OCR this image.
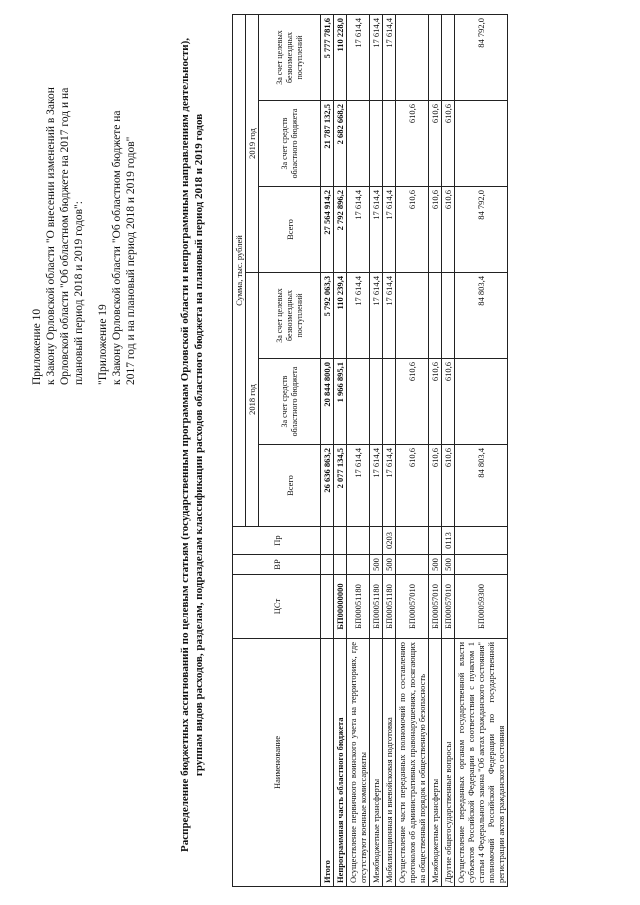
Приложение 10 к Закону Орловской области "О внесении изменений в Закон Орловской области "Об областном бюджете на 2017 год и на плановый период 2018 и 2019 годов": "Приложение 19 к Закону Орловской области "Об областном бюджете на 2017 год и на плановый период 2018 и 2019 годов"	Распределение бюджетных ассигнований по целевым статьям (государственным программам Орловской области и непрограммным направлениям деятельности), группам видов расходов, разделам, подразделам классификации расходов областного бюджета на плановый период 2018 и 2019 годов	Наименование	ЦСт	ВР	Пр	Сумма, тыс. рублей					
				2018 год			2019 год		
				Всего	За счет средств областного бюджета	За счет целевых безвозмездных поступлений	Всего	За счет средств областного бюджета	За счет целевых безвозмездных поступлений
Итого				26 636 863,2	20 844 800,0	5 792 063,3	27 564 914,2	21 787 132,5	5 777 781,6
Непрограммная часть областного бюджета	БП00000000			2 077 134,5	1 966 895,1	110 239,4	2 792 896,2	2 682 668,2	110 228,0
Осуществление первичного воинского учета на территориях, где отсутствуют военные комиссариаты	БП00051180			17 614,4		17 614,4	17 614,4		17 614,4
Межбюджетные трансферты	БП00051180	500		17 614,4		17 614,4	17 614,4		17 614,4
Мобилизационная и вневойсковая подготовка	БП00051180	500	0203	17 614,4		17 614,4	17 614,4		17 614,4
Осуществление части переданных полномочий по составлению протоколов об административных правонарушениях, посягающих на общественный порядок и общественную безопасность	БП00057010			610,6	610,6		610,6	610,6	
Межбюджетные трансферты	БП00057010	500		610,6	610,6		610,6	610,6	
Другие общегосударственные вопросы	БП00057010	500	0113	610,6	610,6		610,6	610,6	
Осуществление переданных органам государственной власти субъектов Российской Федерации в соответствии с пунктом 1 статьи 4 Федерального закона "Об актах гражданского состояния" полномочий Российской Федерации по государственной регистрации актов гражданского состояния	БП00059300			84 803,4		84 803,4	84 792,0		84 792,0
